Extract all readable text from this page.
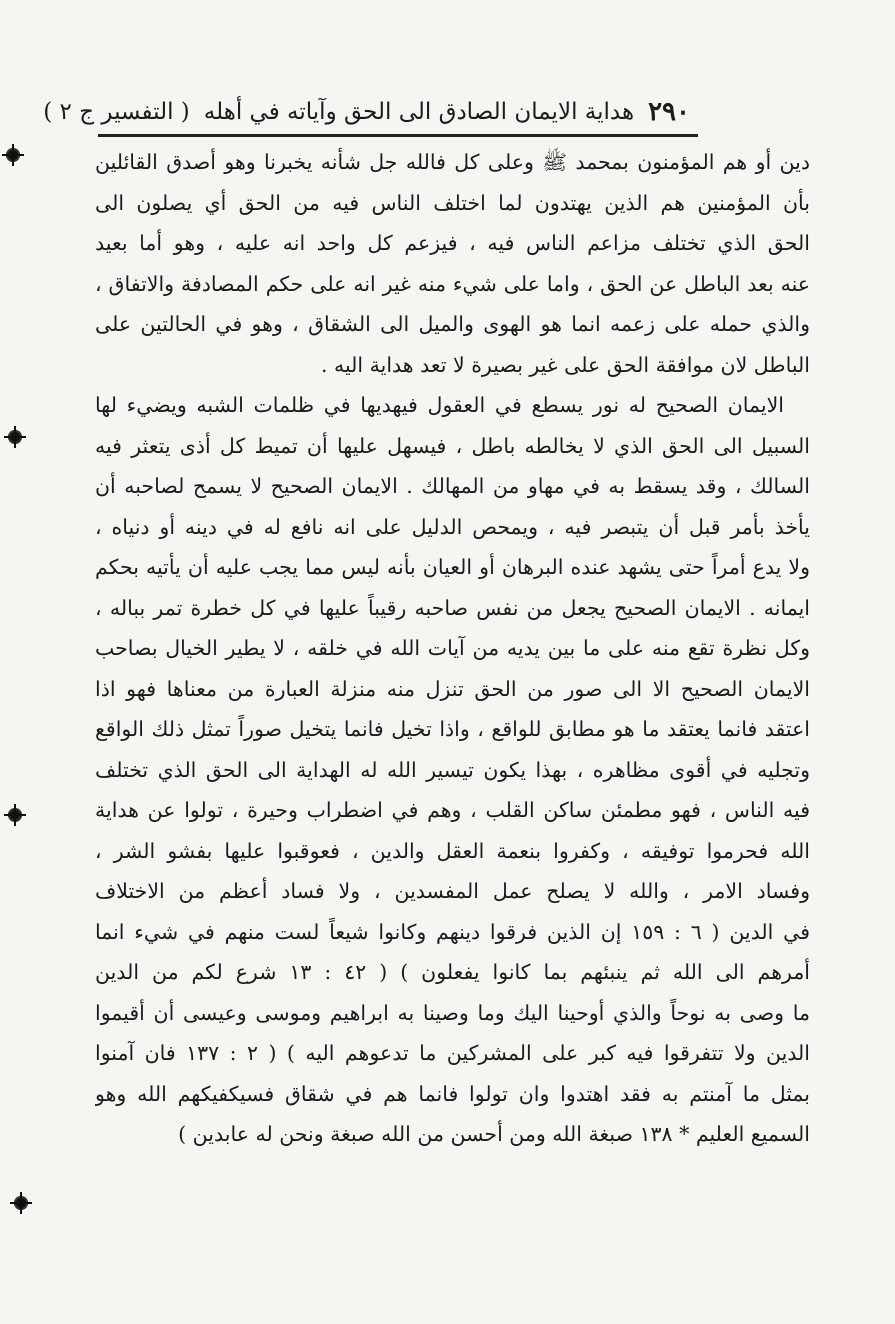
٢٩٠
هداية الايمان الصادق الى الحق وآياته في أهله
( التفسير ج ٢ )
دين أو هم المؤمنون بمحمد ﷺ وعلى كل فالله جل شأنه يخبرنا وهو أصدق القائلين
بأن المؤمنين هم الذين يهتدون لما اختلف الناس فيه من الحق أي يصلون الى
الحق الذي تختلف مزاعم الناس فيه ، فيزعم كل واحد انه عليه ، وهو أما بعيد
عنه بعد الباطل عن الحق ، واما على شيء منه غير انه على حكم المصادفة والاتفاق ،
والذي حمله على زعمه انما هو الهوى والميل الى الشقاق ، وهو في الحالتين على
الباطل لان موافقة الحق على غير بصيرة لا تعد هداية اليه .
الايمان الصحيح له نور يسطع في العقول فيهديها في ظلمات الشبه ويضيء لها
السبيل الى الحق الذي لا يخالطه باطل ، فيسهل عليها أن تميط كل أذى يتعثر فيه
السالك ، وقد يسقط به في مهاو من المهالك . الايمان الصحيح لا يسمح لصاحبه أن
يأخذ بأمر قبل أن يتبصر فيه ، ويمحص الدليل على انه نافع له في دينه أو دنياه ،
ولا يدع أمراً حتى يشهد عنده البرهان أو العيان بأنه ليس مما يجب عليه أن يأتيه بحكم
ايمانه . الايمان الصحيح يجعل من نفس صاحبه رقيباً عليها في كل خطرة تمر بباله ،
وكل نظرة تقع منه على ما بين يديه من آيات الله في خلقه ، لا يطير الخيال بصاحب
الايمان الصحيح الا الى صور من الحق تنزل منه منزلة العبارة من معناها فهو اذا
اعتقد فانما يعتقد ما هو مطابق للواقع ، واذا تخيل فانما يتخيل صوراً تمثل ذلك الواقع
وتجليه في أقوى مظاهره ، بهذا يكون تيسير الله له الهداية الى الحق الذي تختلف
فيه الناس ، فهو مطمئن ساكن القلب ، وهم في اضطراب وحيرة ، تولوا عن هداية
الله فحرموا توفيقه ، وكفروا بنعمة العقل والدين ، فعوقبوا عليها بفشو الشر ،
وفساد الامر ، والله لا يصلح عمل المفسدين ، ولا فساد أعظم من الاختلاف
في الدين ( ٦ : ١٥٩ إن الذين فرقوا دينهم وكانوا شيعاً لست منهم في شيء انما
أمرهم الى الله ثم ينبئهم بما كانوا يفعلون ) ( ٤٢ : ١٣ شرع لكم من الدين
ما وصى به نوحاً والذي أوحينا اليك وما وصينا به ابراهيم وموسى وعيسى أن أقيموا
الدين ولا تتفرقوا فيه كبر على المشركين ما تدعوهم اليه ) ( ٢ : ١٣٧ فان آمنوا
بمثل ما آمنتم به فقد اهتدوا وان تولوا فانما هم في شقاق فسيكفيكهم الله وهو
السميع العليم * ١٣٨ صبغة الله ومن أحسن من الله صبغة ونحن له عابدين )
